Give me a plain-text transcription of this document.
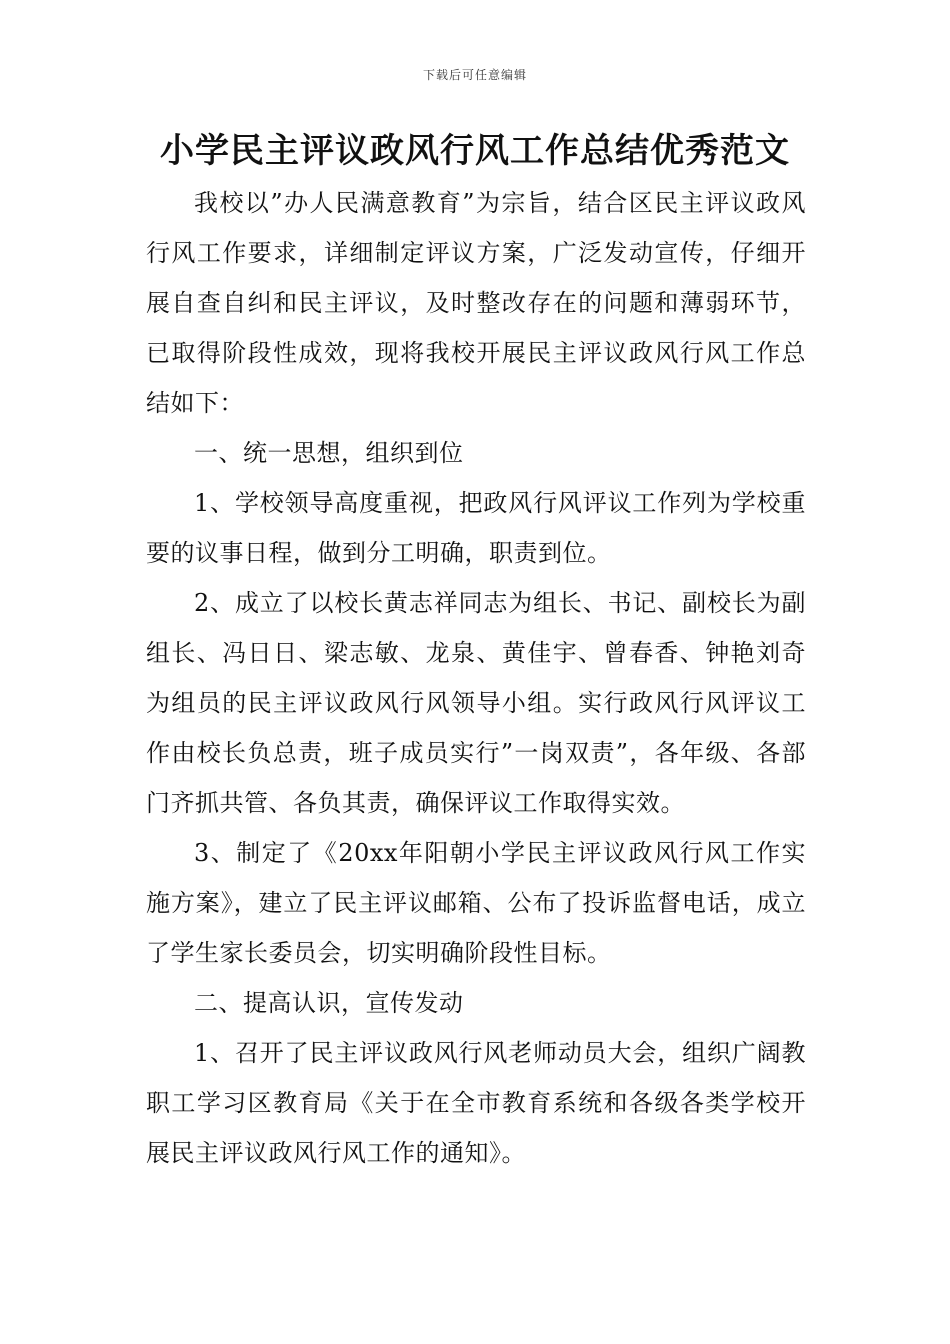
下载后可任意编辑
小学民主评议政风行风工作总结优秀范文

我校以”办人民满意教育”为宗旨，结合区民主评议政风行风工作要求，详细制定评议方案，广泛发动宣传，仔细开展自查自纠和民主评议，及时整改存在的问题和薄弱环节，已取得阶段性成效，现将我校开展民主评议政风行风工作总结如下：

一、统一思想，组织到位

1、学校领导高度重视，把政风行风评议工作列为学校重要的议事日程，做到分工明确，职责到位。

2、成立了以校长黄志祥同志为组长、书记、副校长为副组长、冯日日、梁志敏、龙泉、黄佳宇、曾春香、钟艳刘奇为组员的民主评议政风行风领导小组。实行政风行风评议工作由校长负总责，班子成员实行”一岗双责”，各年级、各部门齐抓共管、各负其责，确保评议工作取得实效。

3、制定了《20xx年阳朝小学民主评议政风行风工作实施方案》，建立了民主评议邮箱、公布了投诉监督电话，成立了学生家长委员会，切实明确阶段性目标。

二、提高认识，宣传发动

1、召开了民主评议政风行风老师动员大会，组织广阔教职工学习区教育局《关于在全市教育系统和各级各类学校开展民主评议政风行风工作的通知》。
